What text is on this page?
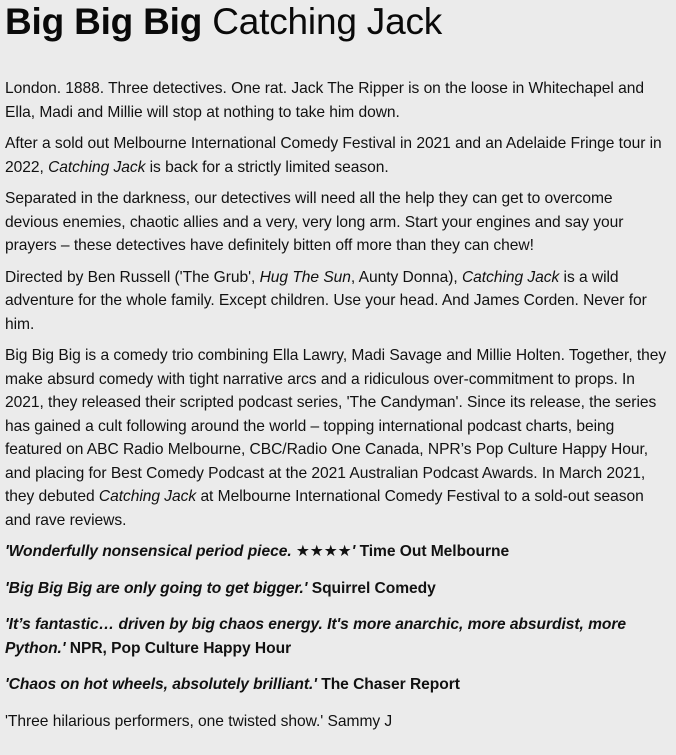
Big Big Big Catching Jack

London. 1888. Three detectives. One rat. Jack The Ripper is on the loose in Whitechapel and Ella, Madi and Millie will stop at nothing to take him down.

After a sold out Melbourne International Comedy Festival in 2021 and an Adelaide Fringe tour in 2022, Catching Jack is back for a strictly limited season.

Separated in the darkness, our detectives will need all the help they can get to overcome devious enemies, chaotic allies and a very, very long arm. Start your engines and say your prayers – these detectives have definitely bitten off more than they can chew!

Directed by Ben Russell ('The Grub', Hug The Sun, Aunty Donna), Catching Jack is a wild adventure for the whole family. Except children. Use your head. And James Corden. Never for him.

Big Big Big is a comedy trio combining Ella Lawry, Madi Savage and Millie Holten. Together, they make absurd comedy with tight narrative arcs and a ridiculous over-commitment to props. In 2021, they released their scripted podcast series, 'The Candyman'. Since its release, the series has gained a cult following around the world – topping international podcast charts, being featured on ABC Radio Melbourne, CBC/Radio One Canada, NPR’s Pop Culture Happy Hour, and placing for Best Comedy Podcast at the 2021 Australian Podcast Awards. In March 2021, they debuted Catching Jack at Melbourne International Comedy Festival to a sold-out season and rave reviews.

'Wonderfully nonsensical period piece. ★★★★' Time Out Melbourne

'Big Big Big are only going to get bigger.' Squirrel Comedy

'It’s fantastic… driven by big chaos energy. It's more anarchic, more absurdist, more Python.' NPR, Pop Culture Happy Hour

'Chaos on hot wheels, absolutely brilliant.' The Chaser Report

'Three hilarious performers, one twisted show.' Sammy J
